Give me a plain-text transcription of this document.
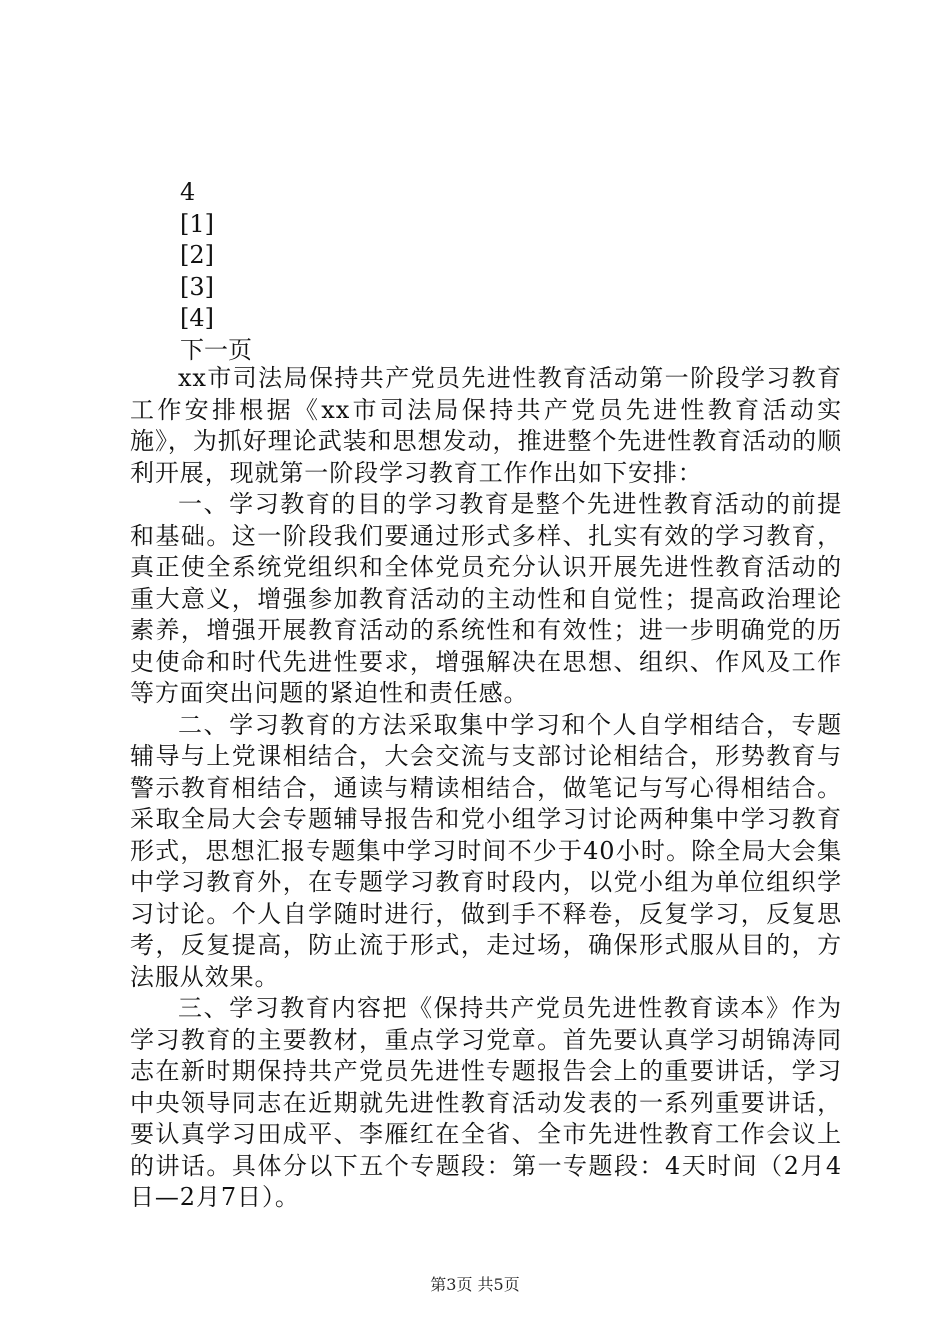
4
[1]
[2]
[3]
[4]
下一页

xx市司法局保持共产党员先进性教育活动第一阶段学习教育工作安排根据《xx市司法局保持共产党员先进性教育活动实施》，为抓好理论武装和思想发动，推进整个先进性教育活动的顺利开展，现就第一阶段学习教育工作作出如下安排：

一、学习教育的目的学习教育是整个先进性教育活动的前提和基础。这一阶段我们要通过形式多样、扎实有效的学习教育，真正使全系统党组织和全体党员充分认识开展先进性教育活动的重大意义，增强参加教育活动的主动性和自觉性；提高政治理论素养，增强开展教育活动的系统性和有效性；进一步明确党的历史使命和时代先进性要求，增强解决在思想、组织、作风及工作等方面突出问题的紧迫性和责任感。

二、学习教育的方法采取集中学习和个人自学相结合，专题辅导与上党课相结合，大会交流与支部讨论相结合，形势教育与警示教育相结合，通读与精读相结合，做笔记与写心得相结合。采取全局大会专题辅导报告和党小组学习讨论两种集中学习教育形式，思想汇报专题集中学习时间不少于40小时。除全局大会集中学习教育外，在专题学习教育时段内，以党小组为单位组织学习讨论。个人自学随时进行，做到手不释卷，反复学习，反复思考，反复提高，防止流于形式，走过场，确保形式服从目的，方法服从效果。

三、学习教育内容把《保持共产党员先进性教育读本》作为学习教育的主要教材，重点学习党章。首先要认真学习胡锦涛同志在新时期保持共产党员先进性专题报告会上的重要讲话，学习中央领导同志在近期就先进性教育活动发表的一系列重要讲话，要认真学习田成平、李雁红在全省、全市先进性教育工作会议上的讲话。具体分以下五个专题段：第一专题段：4天时间（2月4日—2月7日）。

第3页 共5页
